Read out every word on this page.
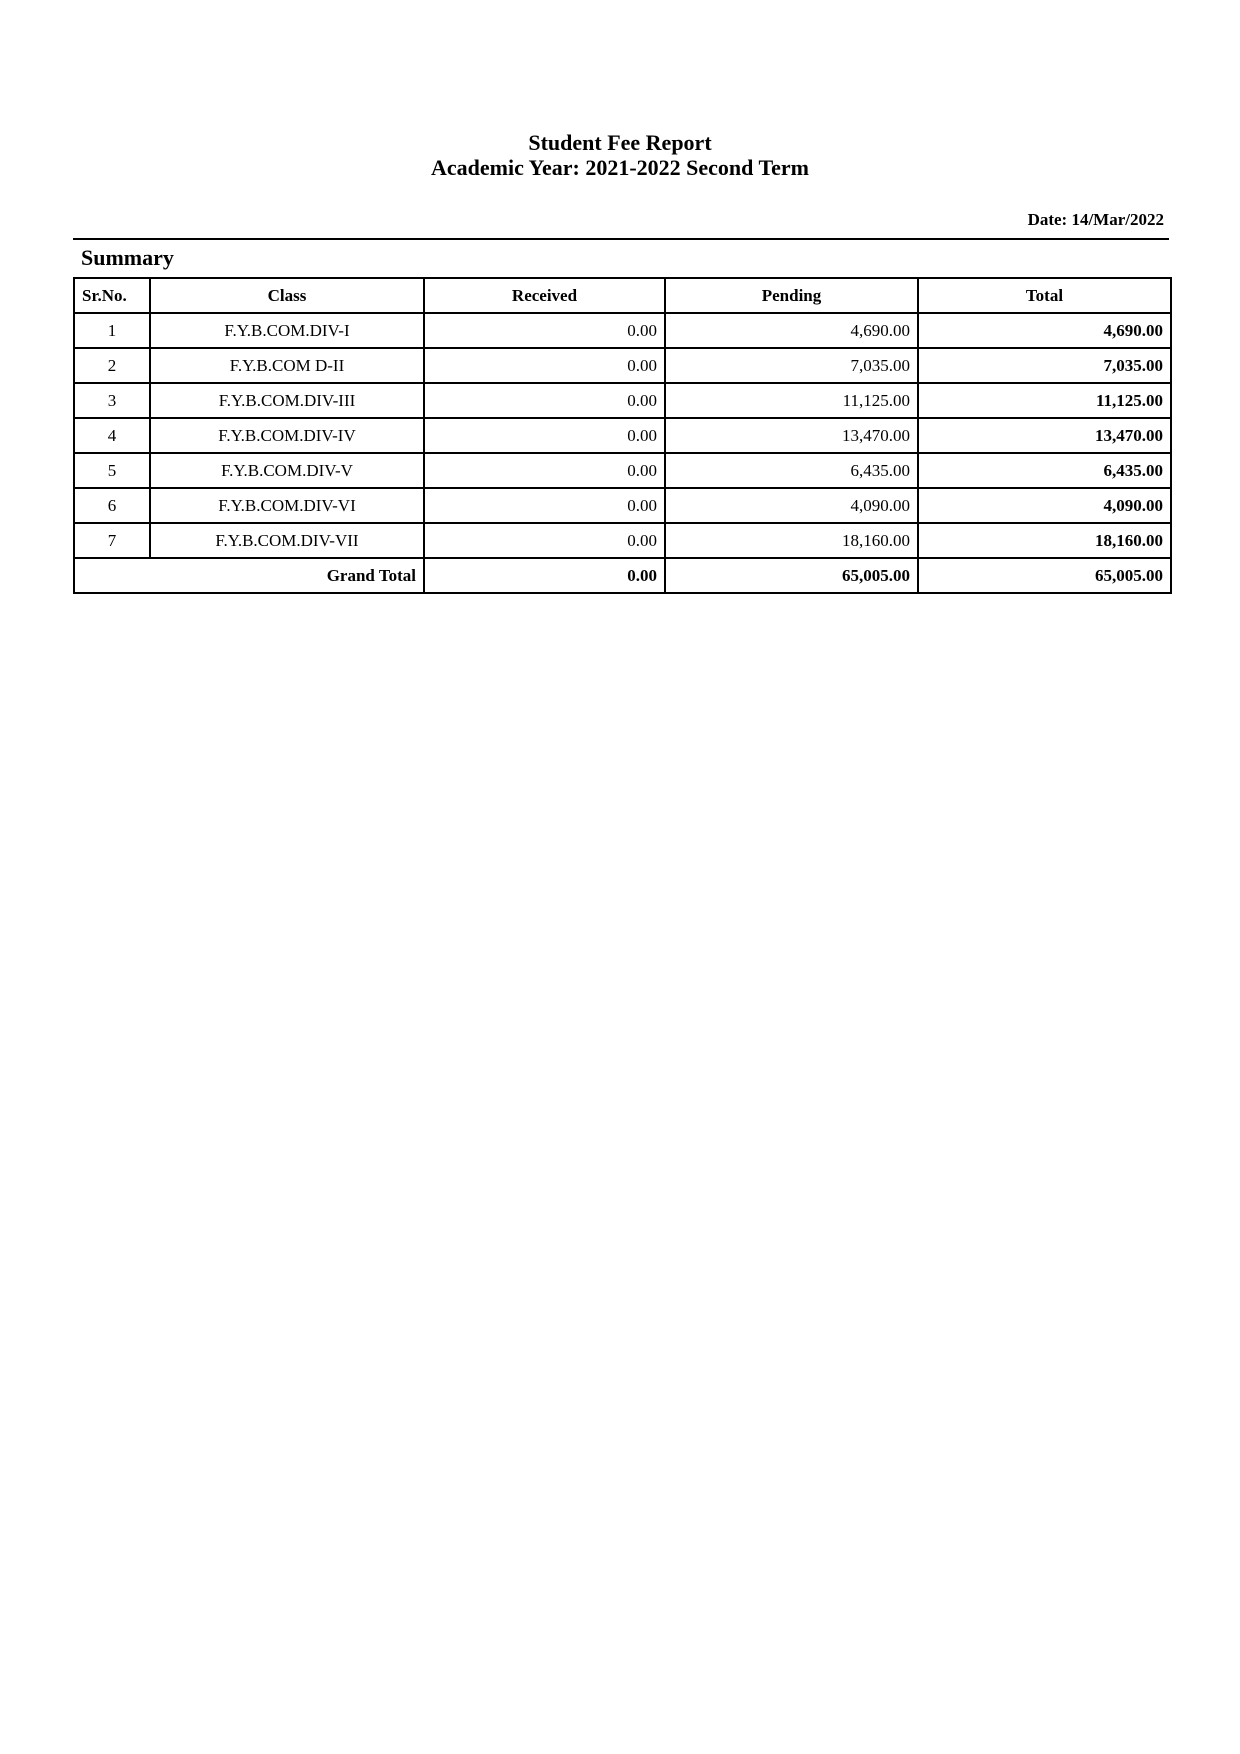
Student Fee Report
Academic Year: 2021-2022 Second Term
Date: 14/Mar/2022
Summary
Sr.No.	Class	Received	Pending	Total
1	F.Y.B.COM.DIV-I	0.00	4,690.00	4,690.00
2	F.Y.B.COM D-II	0.00	7,035.00	7,035.00
3	F.Y.B.COM.DIV-III	0.00	11,125.00	11,125.00
4	F.Y.B.COM.DIV-IV	0.00	13,470.00	13,470.00
5	F.Y.B.COM.DIV-V	0.00	6,435.00	6,435.00
6	F.Y.B.COM.DIV-VI	0.00	4,090.00	4,090.00
7	F.Y.B.COM.DIV-VII	0.00	18,160.00	18,160.00
Grand Total		0.00	65,005.00	65,005.00
